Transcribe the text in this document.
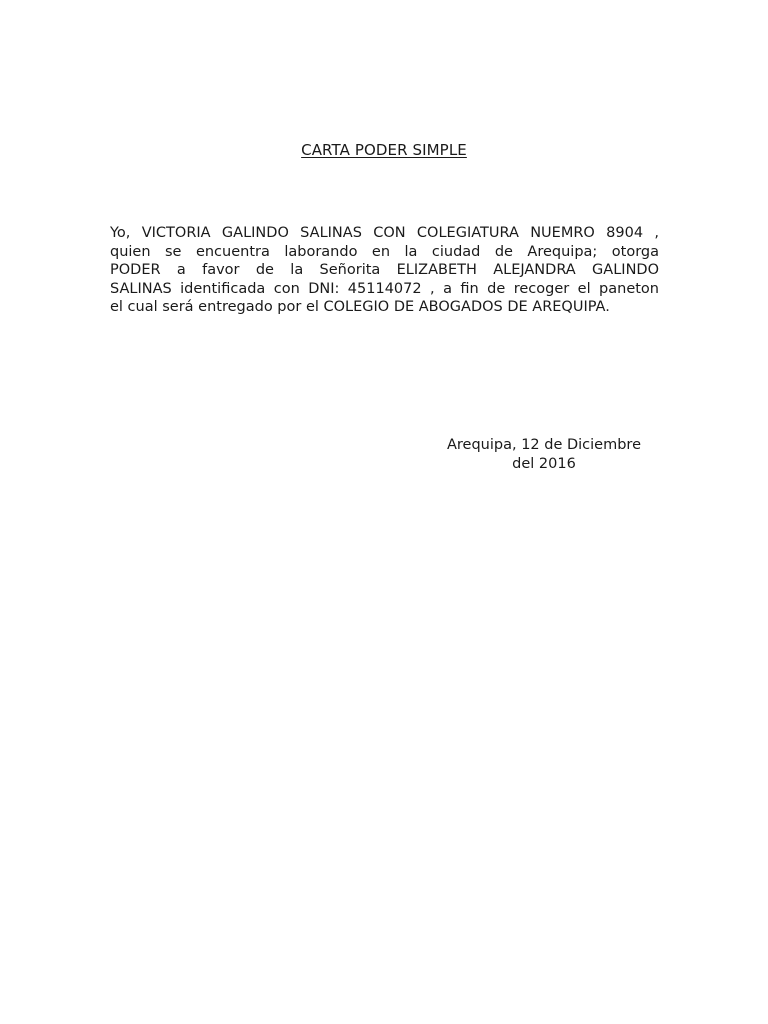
CARTA PODER SIMPLE
Yo, VICTORIA GALINDO SALINAS CON COLEGIATURA NUEMRO 8904 ,
quien se encuentra laborando en la ciudad de Arequipa; otorga
PODER a favor de la Señorita ELIZABETH ALEJANDRA GALINDO
SALINAS identificada con DNI: 45114072 , a fin de recoger el paneton
el cual será entregado por el COLEGIO DE ABOGADOS DE AREQUIPA.
Arequipa, 12 de Diciembre
del 2016
